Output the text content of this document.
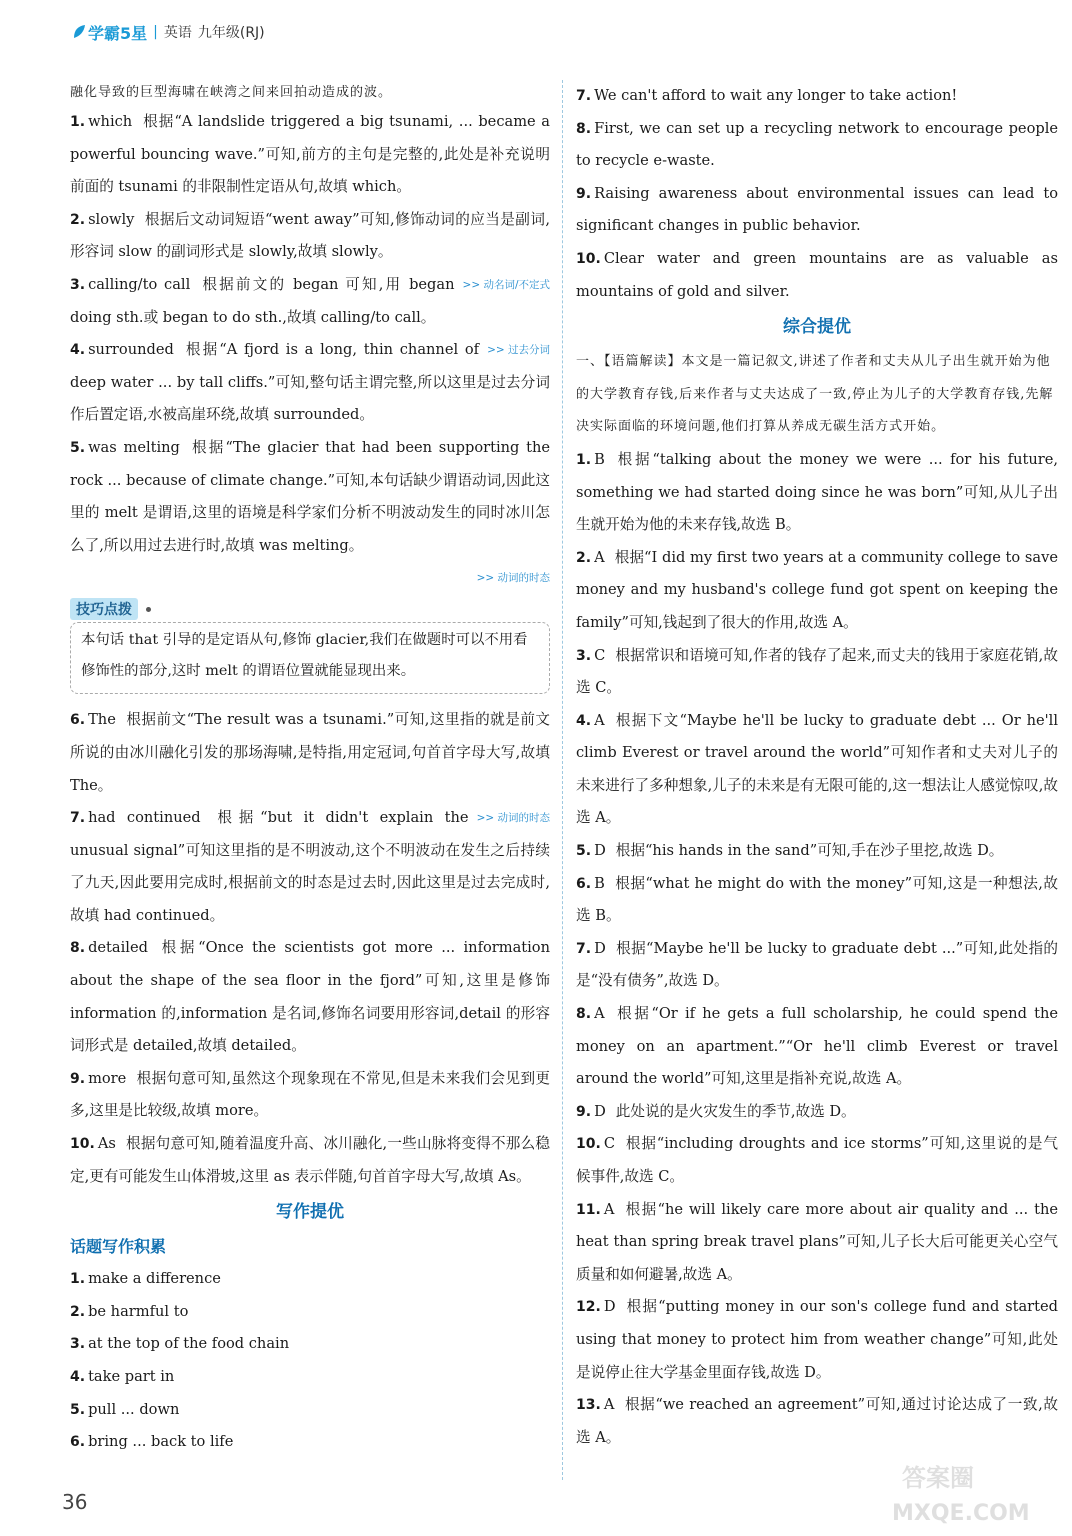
学霸5星 | 英语 九年级(RJ)

融化导致的巨型海啸在峡湾之间来回拍动造成的波。

1. which 根据“A landslide triggered a big tsunami, ... became a powerful bouncing wave.”可知,前方的主句是完整的,此处是补充说明前面的 tsunami 的非限制性定语从句,故填 which。

2. slowly 根据后文动词短语“went away”可知,修饰动词的应当是副词,形容词 slow 的副词形式是 slowly,故填 slowly。

>> 动名词/不定式
3. calling/to call 根据前文的 began 可知,用 began doing sth.或 began to do sth.,故填 calling/to call。

>> 过去分词
4. surrounded 根据“A fjord is a long, thin channel of deep water ... by tall cliffs.”可知,整句话主谓完整,所以这里是过去分词作后置定语,水被高崖环绕,故填 surrounded。

5. was melting 根据“The glacier that had been supporting the rock ... because of climate change.”可知,本句话缺少谓语动词,因此这里的 melt 是谓语,这里的语境是科学家们分析不明波动发生的同时冰川怎么了,所以用过去进行时,故填 was melting。

>> 动词的时态
技巧点拨

本句话 that 引导的是定语从句,修饰 glacier,我们在做题时可以不用看修饰性的部分,这时 melt 的谓语位置就能显现出来。

6. The 根据前文“The result was a tsunami.”可知,这里指的就是前文所说的由冰川融化引发的那场海啸,是特指,用定冠词,句首首字母大写,故填 The。

>> 动词的时态
7. had continued 根据“but it didn't explain the unusual signal”可知这里指的是不明波动,这个不明波动在发生之后持续了九天,因此要用完成时,根据前文的时态是过去时,因此这里是过去完成时,故填 had continued。

8. detailed 根据“Once the scientists got more ... information about the shape of the sea floor in the fjord”可知,这里是修饰 information 的,information 是名词,修饰名词要用形容词,detail 的形容词形式是 detailed,故填 detailed。

9. more 根据句意可知,虽然这个现象现在不常见,但是未来我们会见到更多,这里是比较级,故填 more。

10. As 根据句意可知,随着温度升高、冰川融化,一些山脉将变得不那么稳定,更有可能发生山体滑坡,这里 as 表示伴随,句首首字母大写,故填 As。

写作提优
话题写作积累

1. make a difference

2. be harmful to

3. at the top of the food chain

4. take part in

5. pull ... down

6. bring ... back to life

7. We can't afford to wait any longer to take action!

8. First, we can set up a recycling network to encourage people to recycle e-waste.

9. Raising awareness about environmental issues can lead to significant changes in public behavior.

10. Clear water and green mountains are as valuable as mountains of gold and silver.

综合提优

一、【语篇解读】本文是一篇记叙文,讲述了作者和丈夫从儿子出生就开始为他的大学教育存钱,后来作者与丈夫达成了一致,停止为儿子的大学教育存钱,先解决实际面临的环境问题,他们打算从养成无碳生活方式开始。

1. B 根据“talking about the money we were ... for his future, something we had started doing since he was born”可知,从儿子出生就开始为他的未来存钱,故选 B。

2. A 根据“I did my first two years at a community college to save money and my husband's college fund got spent on keeping the family”可知,钱起到了很大的作用,故选 A。

3. C 根据常识和语境可知,作者的钱存了起来,而丈夫的钱用于家庭花销,故选 C。

4. A 根据下文“Maybe he'll be lucky to graduate debt ... Or he'll climb Everest or travel around the world”可知作者和丈夫对儿子的未来进行了多种想象,儿子的未来是有无限可能的,这一想法让人感觉惊叹,故选 A。

5. D 根据“his hands in the sand”可知,手在沙子里挖,故选 D。

6. B 根据“what he might do with the money”可知,这是一种想法,故选 B。

7. D 根据“Maybe he'll be lucky to graduate debt ...”可知,此处指的是“没有债务”,故选 D。

8. A 根据“Or if he gets a full scholarship, he could spend the money on an apartment.”“Or he'll climb Everest or travel around the world”可知,这里是指补充说,故选 A。

9. D 此处说的是火灾发生的季节,故选 D。

10. C 根据“including droughts and ice storms”可知,这里说的是气候事件,故选 C。

11. A 根据“he will likely care more about air quality and ... the heat than spring break travel plans”可知,儿子长大后可能更关心空气质量和如何避暑,故选 A。

12. D 根据“putting money in our son's college fund and started using that money to protect him from weather change”可知,此处是说停止往大学基金里面存钱,故选 D。

13. A 根据“we reached an agreement”可知,通过讨论达成了一致,故选 A。

36
答案圈
MXQE.COM
